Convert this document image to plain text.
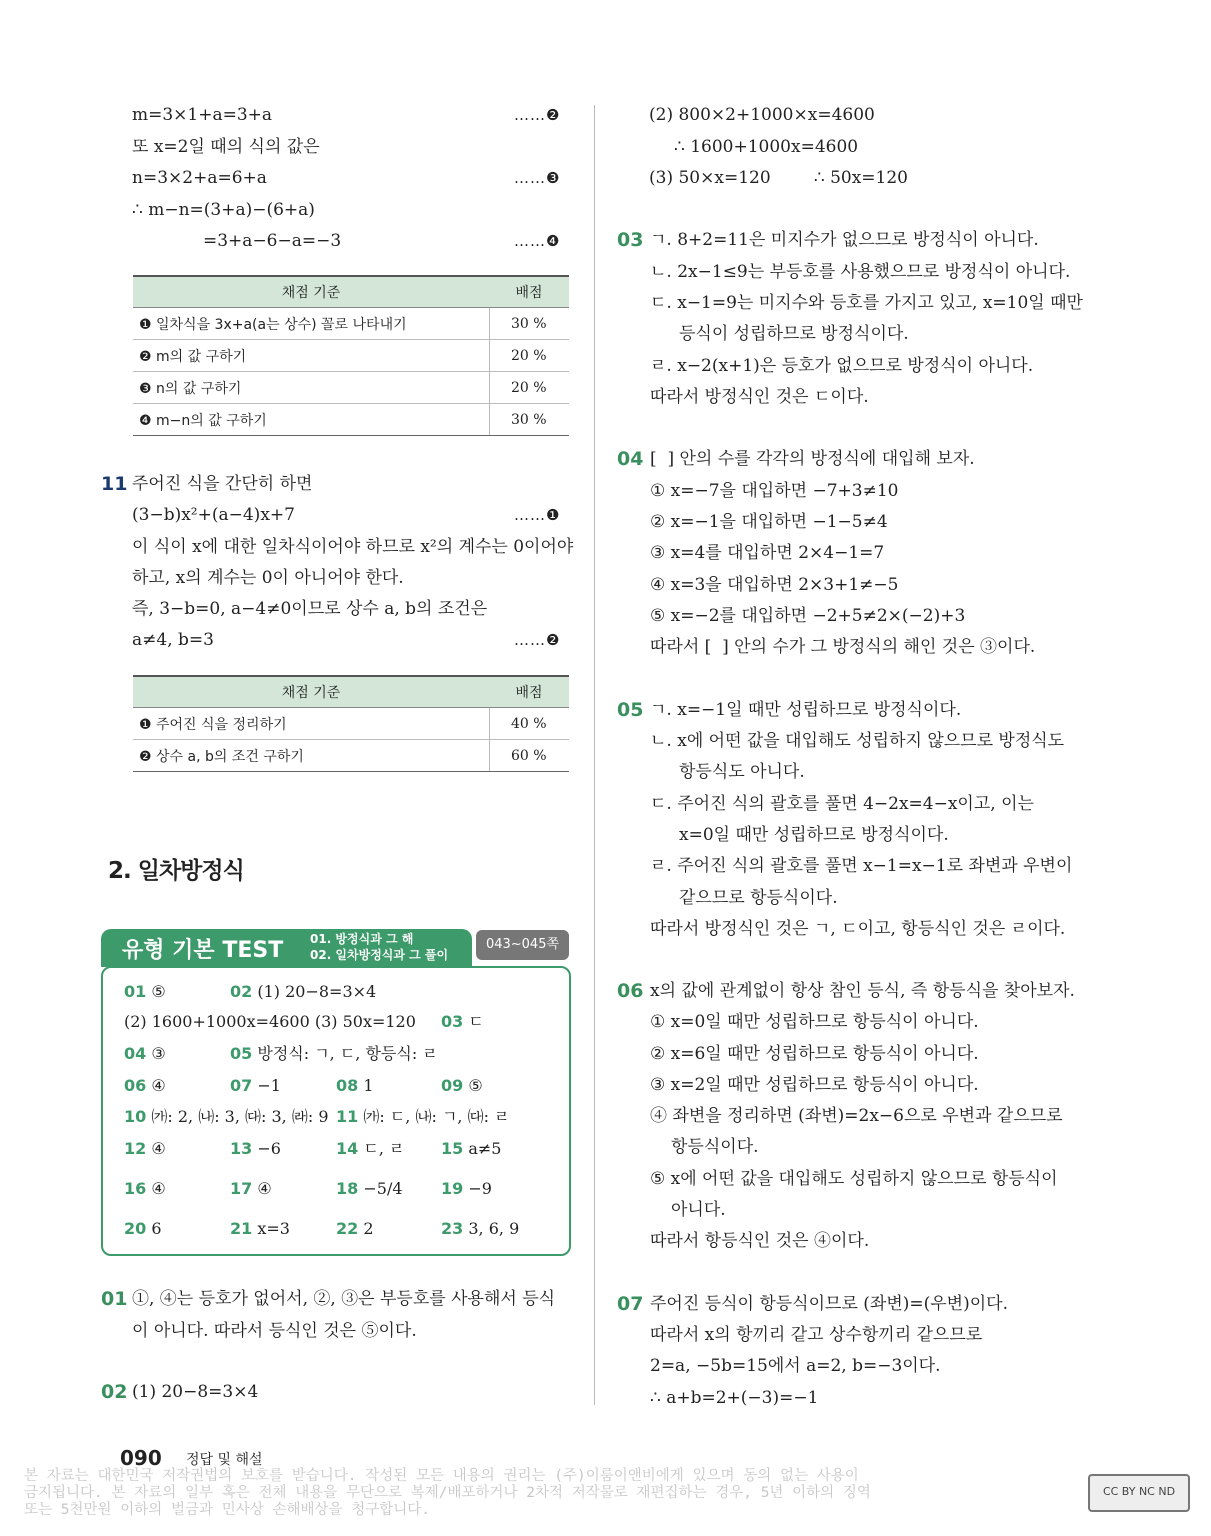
m=3×1+a=3+a	……❷
또 x=2일 때의 식의 값은
n=3×2+a=6+a	……❸
∴ m−n=(3+a)−(6+a)
=3+a−6−a=−3	……❹
채점 기준	배점
❶ 일차식을 3x+a(a는 상수) 꼴로 나타내기	30 %
❷ m의 값 구하기	20 %
❸ n의 값 구하기	20 %
❹ m−n의 값 구하기	30 %
11 주어진 식을 간단히 하면
(3−b)x²+(a−4)x+7	……❶
이 식이 x에 대한 일차식이어야 하므로 x²의 계수는 0이어야
하고, x의 계수는 0이 아니어야 한다.
즉, 3−b=0, a−4≠0이므로 상수 a, b의 조건은
a≠4, b=3	……❷
채점 기준	배점
❶ 주어진 식을 정리하기	40 %
❷ 상수 a, b의 조건 구하기	60 %
2. 일차방정식
유형 기본 TEST 01. 방정식과 그 해
02. 일차방정식과 그 풀이
043~045쪽
01 ⑤	02 (1) 20−8=3×4
(2) 1600+1000x=4600 (3) 50x=120 03 ㄷ
04 ③	05 방정식: ㄱ, ㄷ, 항등식: ㄹ
06 ④	07 −1	08 1	09 ⑤
10 ㈎: 2, ㈏: 3, ㈐: 3, ㈑: 9 11 ㈎: ㄷ, ㈏: ㄱ, ㈐: ㄹ
12 ④	13 −6	14 ㄷ, ㄹ 15 a≠5
16 ④	17 ④	18 −5/4 19 −9
20 6	21 x=3	22 2	23 3, 6, 9
01 ①, ④는 등호가 없어서, ②, ③은 부등호를 사용해서 등식
이 아니다. 따라서 등식인 것은 ⑤이다.
02 (1) 20−8=3×4
(2) 800×2+1000×x=4600
∴ 1600+1000x=4600
(3) 50×x=120        ∴ 50x=120
03 ㄱ. 8+2=11은 미지수가 없으므로 방정식이 아니다.
ㄴ. 2x−1≤9는 부등호를 사용했으므로 방정식이 아니다.
ㄷ. x−1=9는 미지수와 등호를 가지고 있고, x=10일 때만
등식이 성립하므로 방정식이다.
ㄹ. x−2(x+1)은 등호가 없으므로 방정식이 아니다.
따라서 방정식인 것은 ㄷ이다.
04 [  ] 안의 수를 각각의 방정식에 대입해 보자.
① x=−7을 대입하면 −7+3≠10
② x=−1을 대입하면 −1−5≠4
③ x=4를 대입하면 2×4−1=7
④ x=3을 대입하면 2×3+1≠−5
⑤ x=−2를 대입하면 −2+5≠2×(−2)+3
따라서 [  ] 안의 수가 그 방정식의 해인 것은 ③이다.
05 ㄱ. x=−1일 때만 성립하므로 방정식이다.
ㄴ. x에 어떤 값을 대입해도 성립하지 않으므로 방정식도
항등식도 아니다.
ㄷ. 주어진 식의 괄호를 풀면 4−2x=4−x이고, 이는
x=0일 때만 성립하므로 방정식이다.
ㄹ. 주어진 식의 괄호를 풀면 x−1=x−1로 좌변과 우변이
같으므로 항등식이다.
따라서 방정식인 것은 ㄱ, ㄷ이고, 항등식인 것은 ㄹ이다.
06 x의 값에 관계없이 항상 참인 등식, 즉 항등식을 찾아보자.
① x=0일 때만 성립하므로 항등식이 아니다.
② x=6일 때만 성립하므로 항등식이 아니다.
③ x=2일 때만 성립하므로 항등식이 아니다.
④ 좌변을 정리하면 (좌변)=2x−6으로 우변과 같으므로
항등식이다.
⑤ x에 어떤 값을 대입해도 성립하지 않으므로 항등식이
아니다.
따라서 항등식인 것은 ④이다.
07 주어진 등식이 항등식이므로 (좌변)=(우변)이다.
따라서 x의 항끼리 같고 상수항끼리 같으므로
2=a, −5b=15에서 a=2, b=−3이다.
∴ a+b=2+(−3)=−1
090 정답 및 해설
본 자료는 대한민국 저작권법의 보호를 받습니다. 작성된 모든 내용의 권리는 (주)이룸이앤비에게 있으며 동의 없는 사용이
금지됩니다. 본 자료의 일부 혹은 전체 내용을 무단으로 복제/배포하거나 2차적 저작물로 재편집하는 경우, 5년 이하의 징역
또는 5천만원 이하의 벌금과 민사상 손해배상을 청구합니다.
CC BY NC ND
